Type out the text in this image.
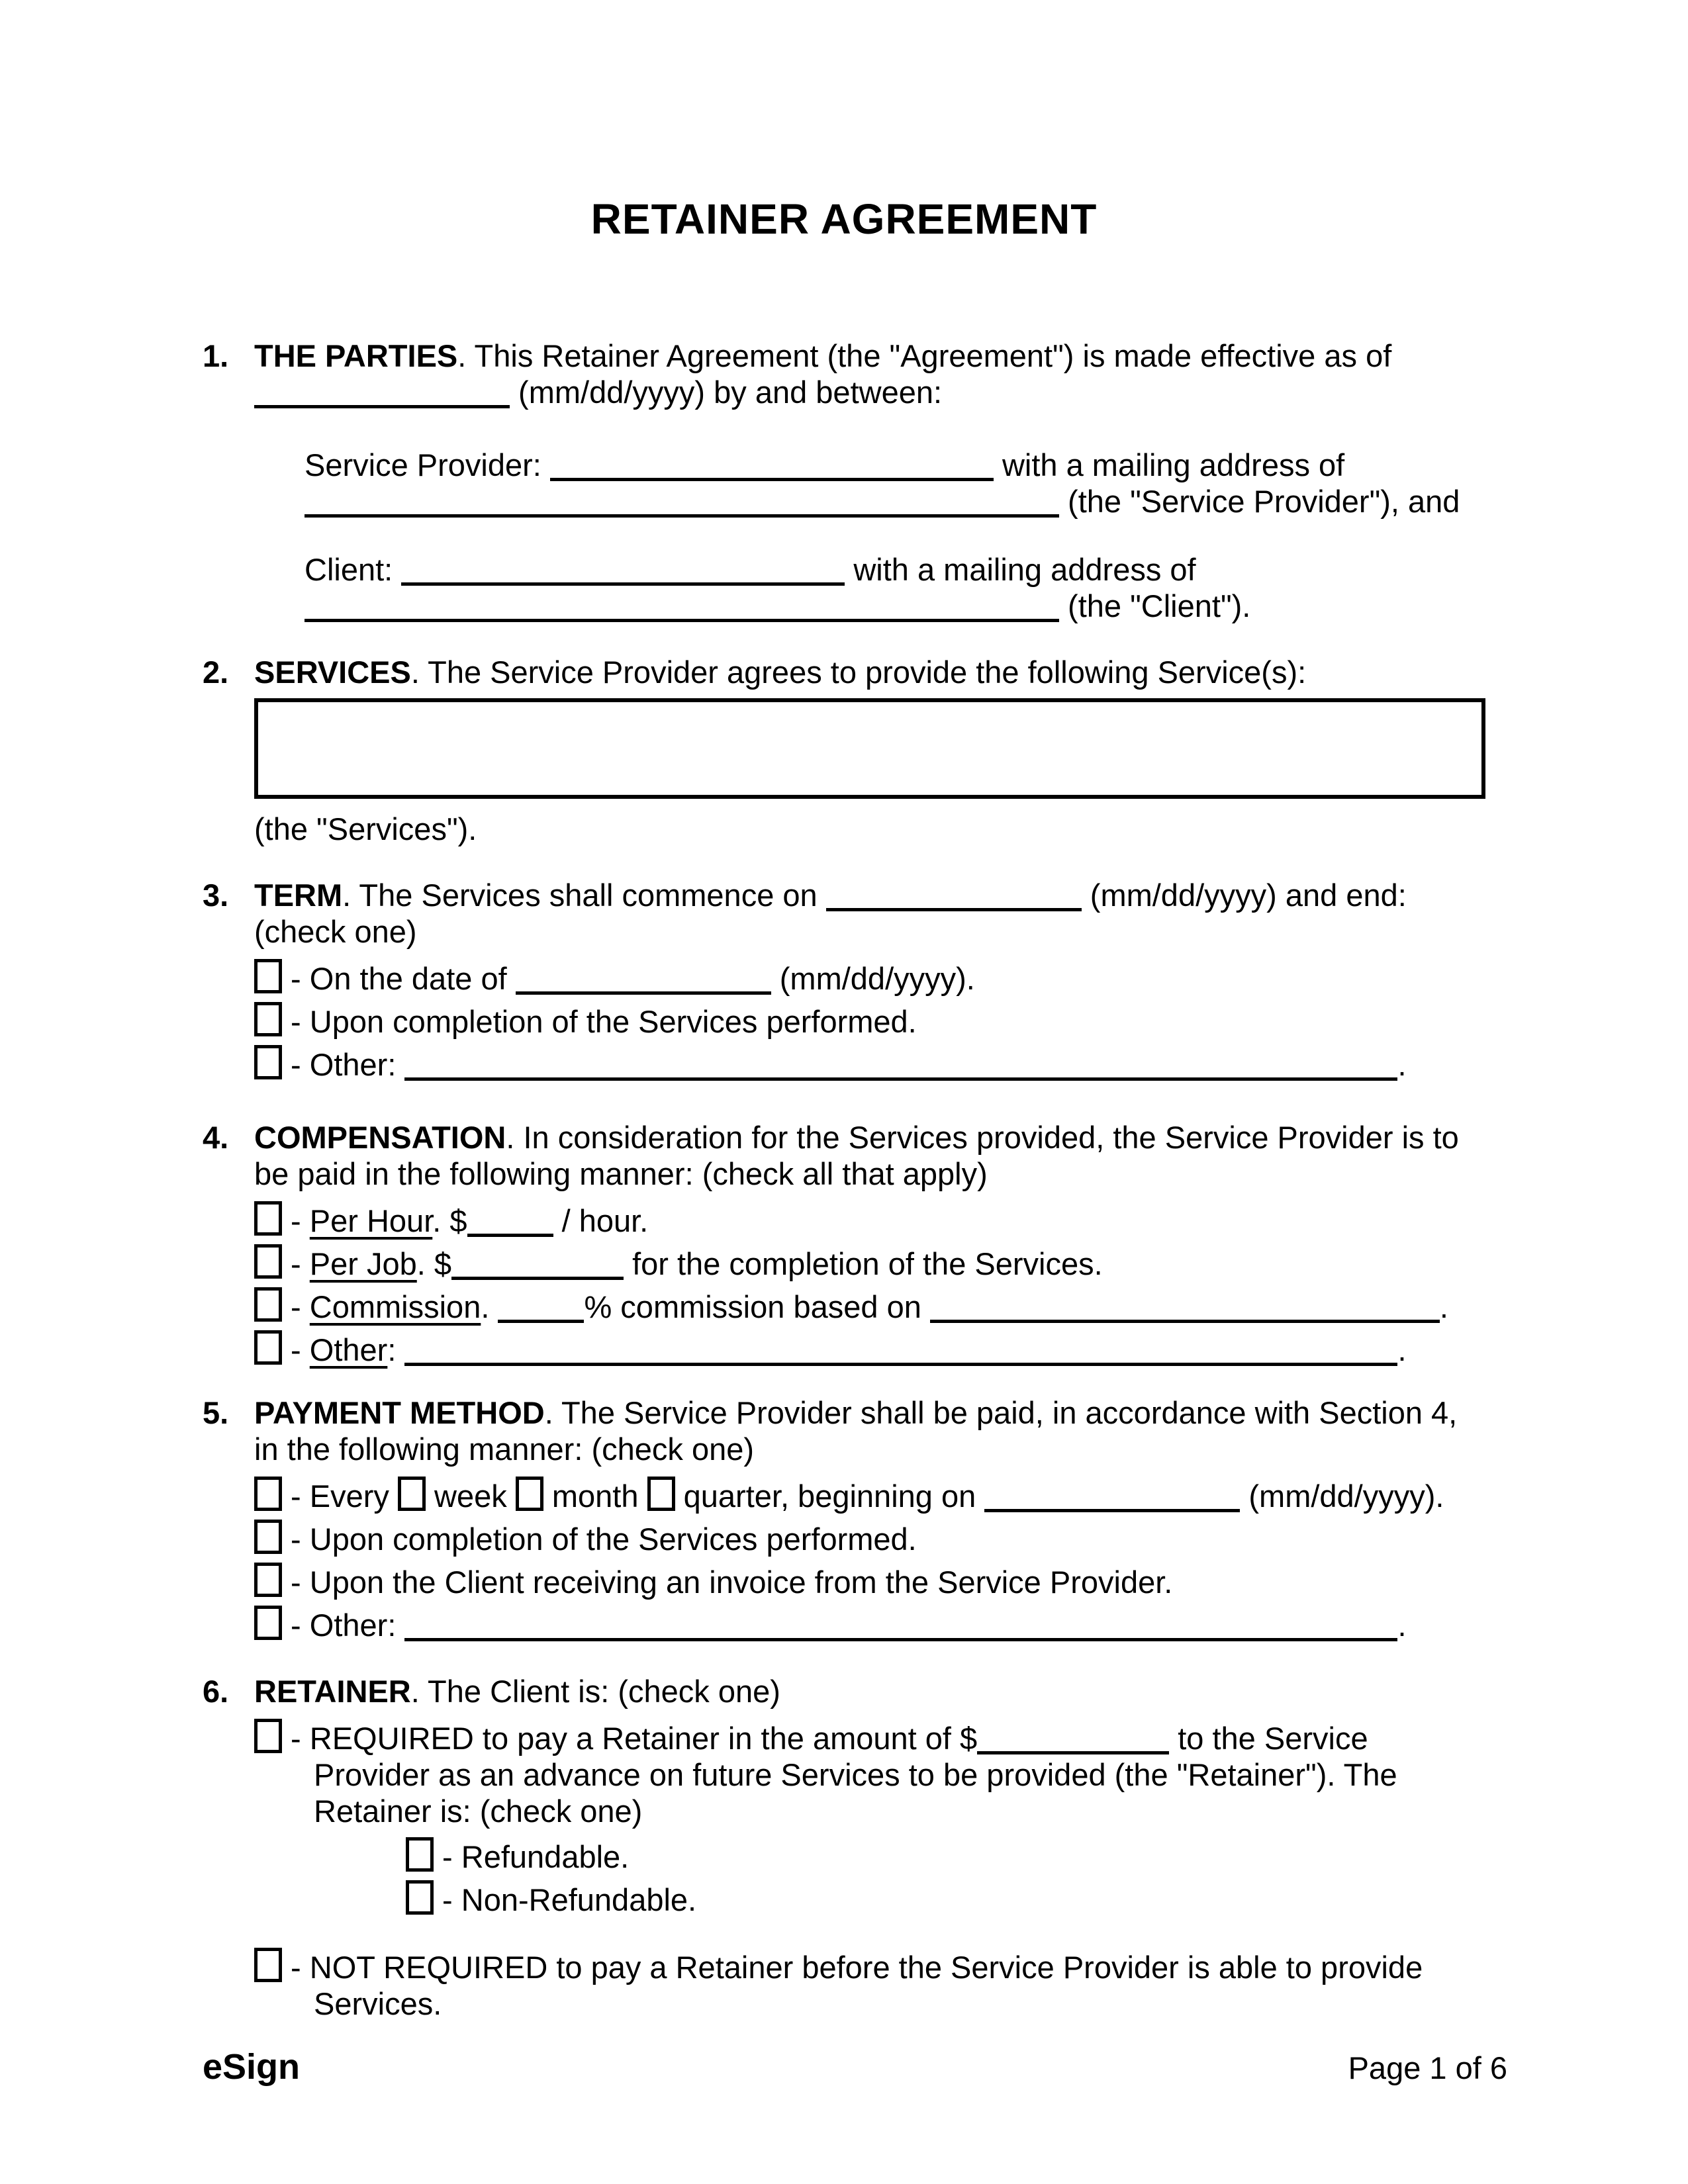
RETAINER AGREEMENT
1. THE PARTIES. This Retainer Agreement (the "Agreement") is made effective as of  (mm/dd/yyyy) by and between:
Service Provider:	with a mailing address of  (the "Service Provider"), and
Client:	with a mailing address of  (the "Client").
2. SERVICES. The Service Provider agrees to provide the following Service(s):
(the "Services").
3. TERM. The Services shall commence on	(mm/dd/yyyy) and end:
(check one)
- On the date of	(mm/dd/yyyy).
- Upon completion of the Services performed.
- Other:	.
4. COMPENSATION. In consideration for the Services provided, the Service Provider is to be paid in the following manner: (check all that apply)
- Per Hour. $	/ hour.
- Per Job. $	for the completion of the Services.
- Commission.	% commission based on	.
- Other:	.
5. PAYMENT METHOD. The Service Provider shall be paid, in accordance with Section 4, in the following manner: (check one)
- Every  week  month  quarter, beginning on	(mm/dd/yyyy).
- Upon completion of the Services performed.
- Upon the Client receiving an invoice from the Service Provider.
- Other:	.
6. RETAINER. The Client is: (check one)
- REQUIRED to pay a Retainer in the amount of $	to the Service Provider as an advance on future Services to be provided (the "Retainer"). The Retainer is: (check one)
- Refundable.
- Non-Refundable.
- NOT REQUIRED to pay a Retainer before the Service Provider is able to provide Services.
eSign	Page 1 of 6
